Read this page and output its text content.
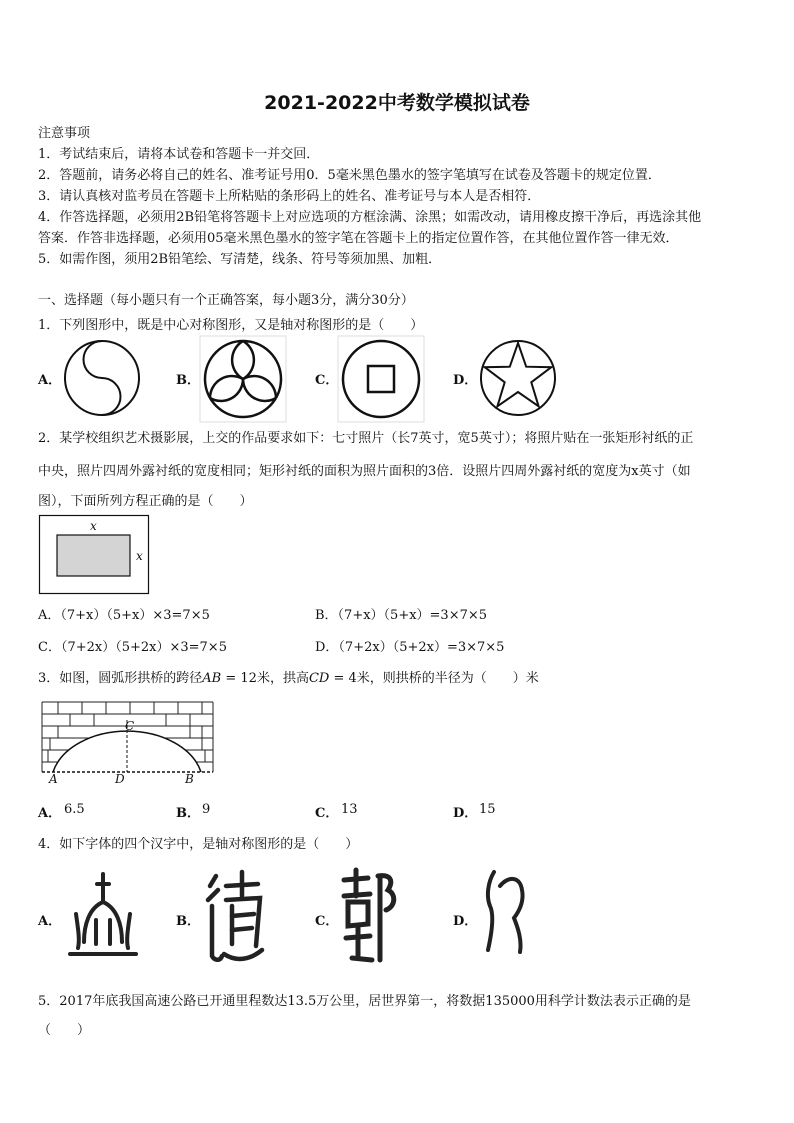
2021-2022中考数学模拟试卷
注意事项
1．考试结束后，请将本试卷和答题卡一并交回．
2．答题前，请务必将自己的姓名、准考证号用0．5毫米黑色墨水的签字笔填写在试卷及答题卡的规定位置．
3．请认真核对监考员在答题卡上所粘贴的条形码上的姓名、准考证号与本人是否相符．
4．作答选择题，必须用2B铅笔将答题卡上对应选项的方框涂满、涂黑；如需改动，请用橡皮擦干净后，再选涂其他
答案．作答非选择题，必须用05毫米黑色墨水的签字笔在答题卡上的指定位置作答，在其他位置作答一律无效．
5．如需作图，须用2B铅笔绘、写清楚，线条、符号等须加黑、加粗．
一、选择题（每小题只有一个正确答案，每小题3分，满分30分）
1．下列图形中，既是中心对称图形，又是轴对称图形的是（　　）
A．	B．	C．	D．
2．某学校组织艺术摄影展，上交的作品要求如下：七寸照片（长7英寸，宽5英寸）；将照片贴在一张矩形衬纸的正
中央，照片四周外露衬纸的宽度相同；矩形衬纸的面积为照片面积的3倍．设照片四周外露衬纸的宽度为x英寸（如
图），下面所列方程正确的是（　　）
x
x
A．（7+x）（5+x）×3=7×5	B．（7+x）（5+x）=3×7×5
C．（7+2x）（5+2x）×3=7×5	D．（7+2x）（5+2x）=3×7×5
3．如图，圆弧形拱桥的跨径AB = 12米，拱高CD = 4米，则拱桥的半径为（　　）米
C
A	D	B
A． 6.5	B． 9	C． 13	D． 15
4．如下字体的四个汉字中，是轴对称图形的是（　　）
A．	B．	C．	D．
5．2017年底我国高速公路已开通里程数达13.5万公里，居世界第一，将数据135000用科学计数法表示正确的是
（　　）
